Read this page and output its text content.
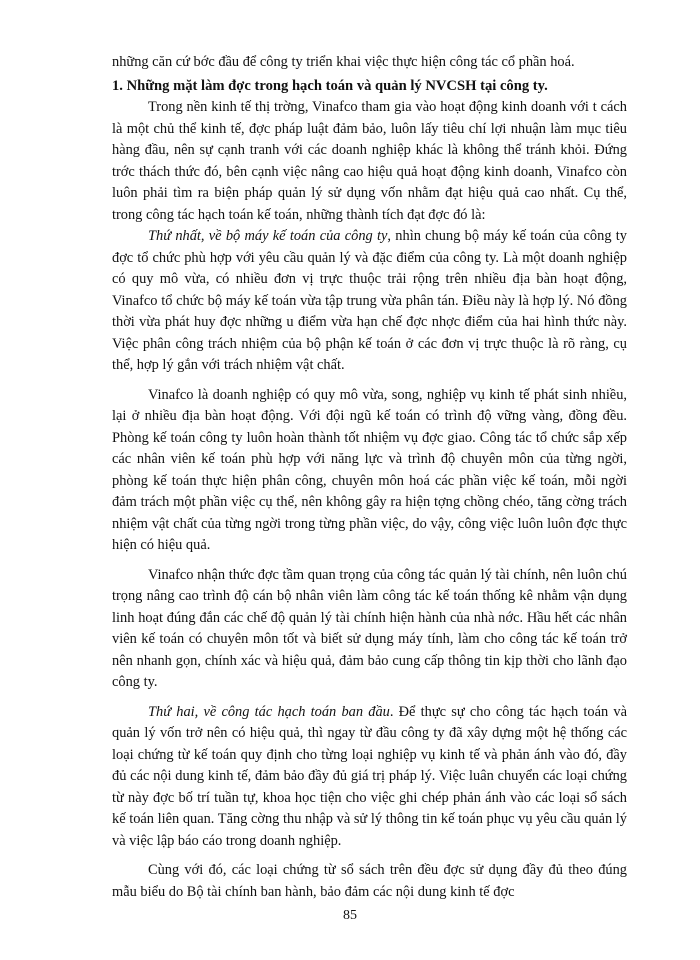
những căn cứ bớc đầu để công ty triển khai việc thực hiện công tác cổ phần hoá.

1. Những mặt làm đợc trong hạch toán và quản lý NVCSH tại công ty.

Trong nền kinh tế thị trờng, Vinafco tham gia vào hoạt động kinh doanh với t cách là một chủ thể kinh tế, đợc pháp luật đảm bảo, luôn lấy tiêu chí lợi nhuận làm mục tiêu hàng đầu, nên sự cạnh tranh với các doanh nghiệp khác là không thể tránh khỏi. Đứng trớc thách thức đó, bên cạnh việc nâng cao hiệu quả hoạt động kinh doanh, Vinafco còn luôn phải tìm ra biện pháp quản lý sử dụng vốn nhằm đạt hiệu quả cao nhất. Cụ thể, trong công tác hạch toán kế toán, những thành tích đạt đợc đó là:

Thứ nhất, về bộ máy kế toán của công ty, nhìn chung bộ máy kế toán của công ty đợc tổ chức phù hợp với yêu cầu quản lý và đặc điểm của công ty. Là một doanh nghiệp có quy mô vừa, có nhiều đơn vị trực thuộc trải rộng trên nhiều địa bàn hoạt động, Vinafco tổ chức bộ máy kế toán vừa tập trung vừa phân tán. Điều này là hợp lý. Nó đồng thời vừa phát huy đợc những u điểm vừa hạn chế đợc nhợc điểm của hai hình thức này. Việc phân công trách nhiệm của bộ phận kế toán ở các đơn vị trực thuộc là rõ ràng, cụ thể, hợp lý gắn với trách nhiệm vật chất.

Vinafco là doanh nghiệp có quy mô vừa, song, nghiệp vụ kinh tế phát sinh nhiều, lại ở nhiều địa bàn hoạt động. Với đội ngũ kế toán có trình độ vững vàng, đồng đều. Phòng kế toán công ty luôn hoàn thành tốt nhiệm vụ đợc giao. Công tác tổ chức sắp xếp các nhân viên kế toán phù hợp với năng lực và trình độ chuyên môn của từng ngời, phòng kế toán thực hiện phân công, chuyên môn hoá các phần việc kế toán, mỗi ngời đảm trách một phần việc cụ thể, nên không gây ra hiện tợng chồng chéo, tăng cờng trách nhiệm vật chất của từng ngời trong từng phần việc, do vậy, công việc luôn luôn đợc thực hiện có hiệu quả.

Vinafco nhận thức đợc tầm quan trọng của công tác quản lý tài chính, nên luôn chú trọng nâng cao trình độ cán bộ nhân viên làm công tác kế toán thống kê nhằm vận dụng linh hoạt đúng đắn các chế độ quản lý tài chính hiện hành của nhà nớc. Hầu hết các nhân viên kế toán có chuyên môn tốt và biết sử dụng máy tính, làm cho công tác kế toán trở nên nhanh gọn, chính xác và hiệu quả, đảm bảo cung cấp thông tin kịp thời cho lãnh đạo công ty.

Thứ hai, về công tác hạch toán ban đầu. Để thực sự cho công tác hạch toán và quản lý vốn trở nên có hiệu quả, thì ngay từ đầu công ty đã xây dựng một hệ thống các loại chứng từ kế toán quy định cho từng loại nghiệp vụ kinh tế và phản ánh vào đó, đầy đủ các nội dung kinh tế, đảm bảo đầy đủ giá trị pháp lý. Việc luân chuyển các loại chứng từ này đợc bố trí tuần tự, khoa học tiện cho việc ghi chép phản ánh vào các loại sổ sách kế toán liên quan. Tăng cờng thu nhập và sử lý thông tin kế toán phục vụ yêu cầu quản lý và việc lập báo cáo trong doanh nghiệp.

Cùng với đó, các loại chứng từ sổ sách trên đều đợc sử dụng đầy đủ theo đúng mẫu biểu do Bộ tài chính ban hành, bảo đảm các nội dung kinh tế đợc

85
